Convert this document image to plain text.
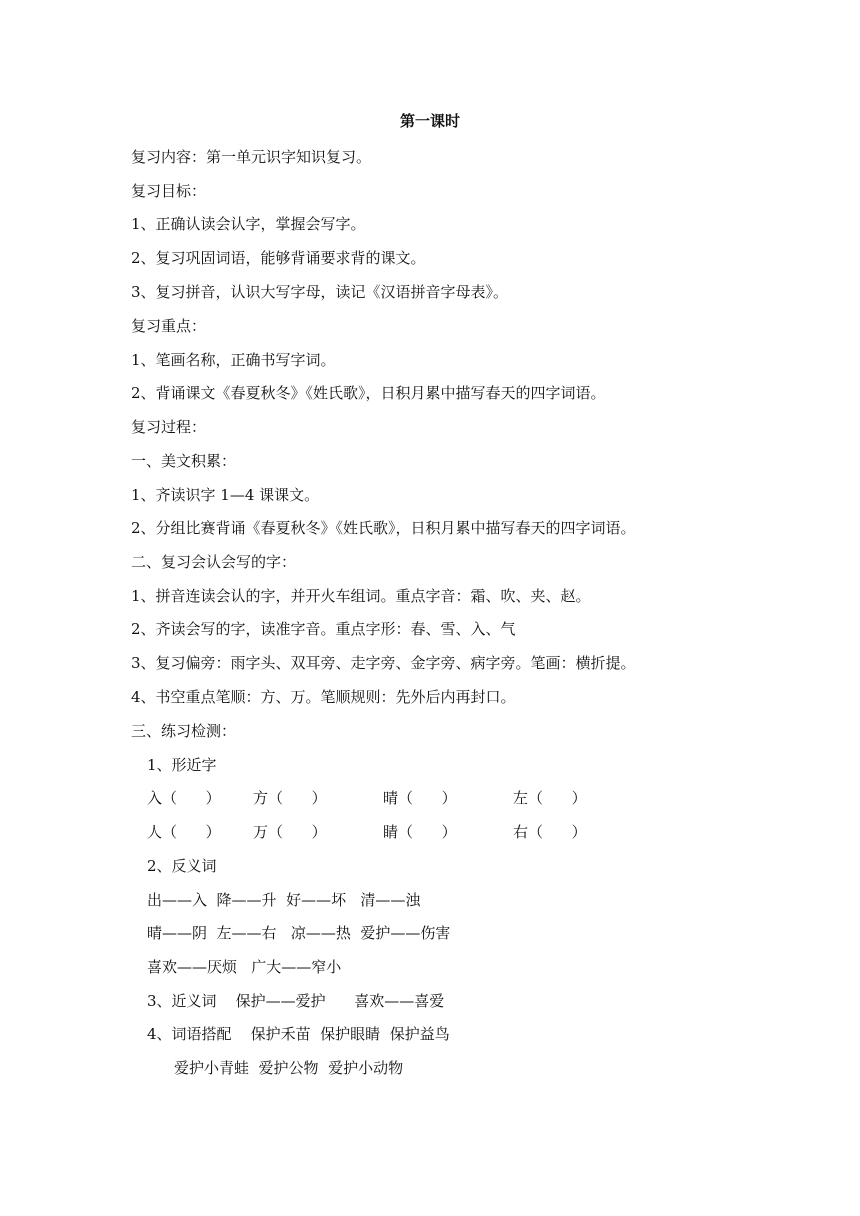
第一课时
复习内容：第一单元识字知识复习。
复习目标：
1、正确认读会认字，掌握会写字。
2、复习巩固词语，能够背诵要求背的课文。
3、复习拼音，认识大写字母，读记《汉语拼音字母表》。
复习重点：
1、笔画名称，正确书写字词。
2、背诵课文《春夏秋冬》《姓氏歌》，日积月累中描写春天的四字词语。
复习过程：
一、美文积累：
1、齐读识字 1—4 课课文。
2、分组比赛背诵《春夏秋冬》《姓氏歌》，日积月累中描写春天的四字词语。
二、复习会认会写的字：
1、拼音连读会认的字，并开火车组词。重点字音：霜、吹、夹、赵。
2、齐读会写的字，读准字音。重点字形：春、雪、入、气
3、复习偏旁：雨字头、双耳旁、走字旁、金字旁、病字旁。笔画：横折提。
4、书空重点笔顺：方、万。笔顺规则：先外后内再封口。
三、练习检测：
1、形近字
入（      ） 方（      ）	晴（      ）	左（      ）
人（      ） 万（      ）	睛（      ）	右（      ）
2、反义词
出——入  降——升  好——坏   清——浊
晴——阴  左——右   凉——热  爱护——伤害
喜欢——厌烦   广大——窄小
3、近义词    保护——爱护      喜欢——喜爱
4、词语搭配    保护禾苗  保护眼睛  保护益鸟
爱护小青蛙  爱护公物  爱护小动物
